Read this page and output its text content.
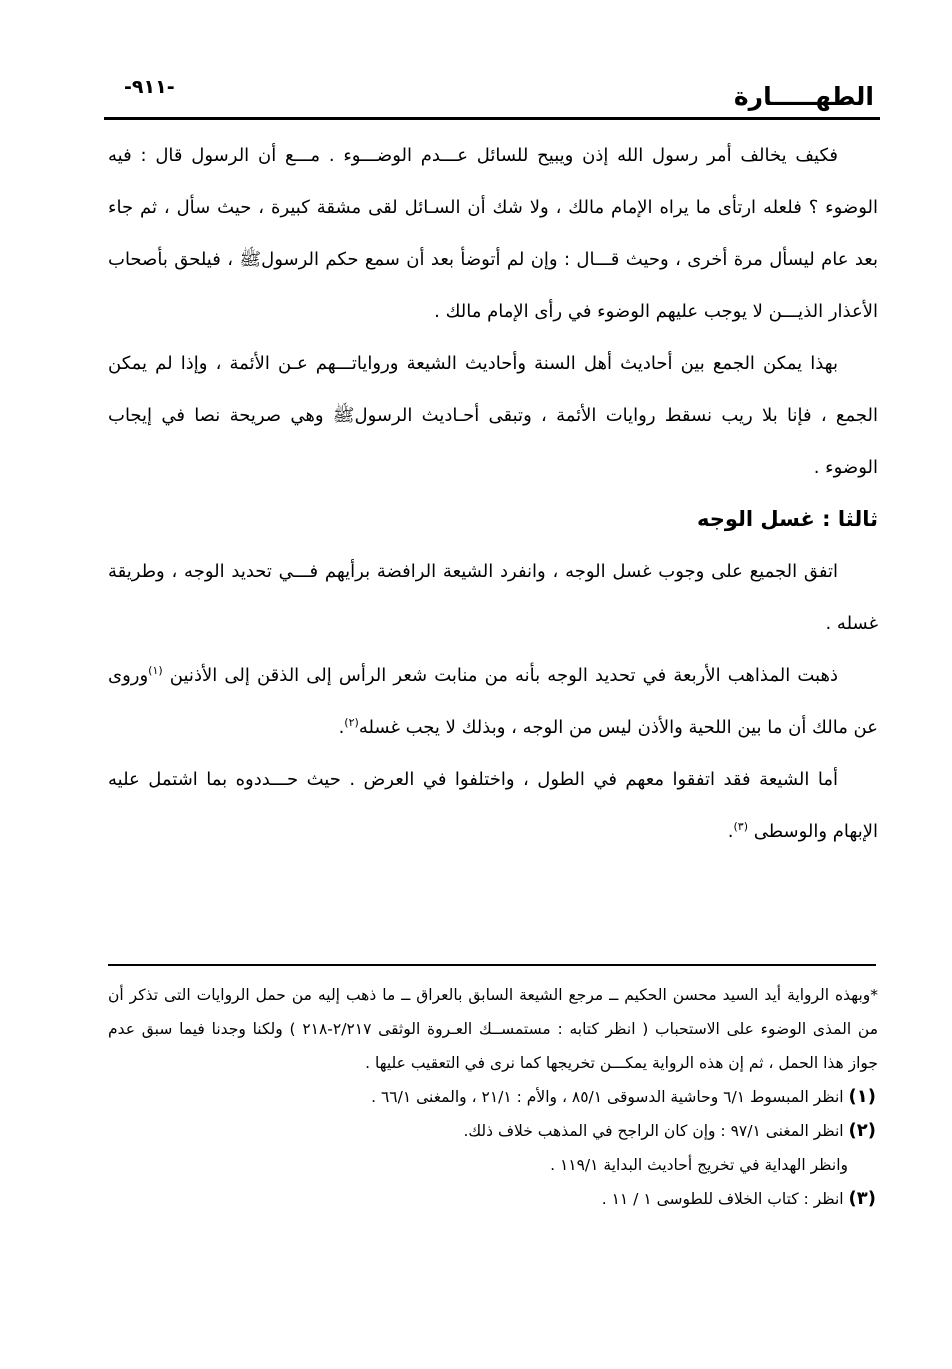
الطهـــــارة
-٩١١-

فكيف يخالف أمر رسول الله إذن ويبيح للسائل عـــدم الوضـــوء . مـــع أن الرسول قال : فيه الوضوء ؟ فلعله ارتأى ما يراه الإمام مالك ، ولا شك أن السـائل لقى مشقة كبيرة ، حيث سأل ، ثم جاء بعد عام ليسأل مرة أخرى ، وحيث قـــال : وإن لم أتوضأ بعد أن سمع حكم الرسولﷺ ، فيلحق بأصحاب الأعذار الذيـــن لا يوجب عليهم الوضوء في رأى الإمام مالك .

بهذا يمكن الجمع بين أحاديث أهل السنة وأحاديث الشيعة ورواياتـــهم عـن الأئمة ، وإذا لم يمكن الجمع ، فإنا بلا ريب نسقط روايات الأئمة ، وتبقى أحـاديث الرسولﷺ وهي صريحة نصا في إيجاب الوضوء .

ثالثا : غسل الوجه

اتفق الجميع على وجوب غسل الوجه ، وانفرد الشيعة الرافضة برأيهم فـــي تحديد الوجه ، وطريقة غسله .

ذهبت المذاهب الأربعة في تحديد الوجه بأنه من منابت شعر الرأس إلى الذقن إلى الأذنين $^{(١)}$وروى عن مالك أن ما بين اللحية والأذن ليس من الوجه ، وبذلك لا يجب غسله$^{(٢)}$.

أما الشيعة فقد اتفقوا معهم في الطول ، واختلفوا في العرض . حيث حـــددوه بما اشتمل عليه الإبهام والوسطى $^{(٣)}$.

*وبهذه الرواية أيد السيد محسن الحكيم ــ مرجع الشيعة السابق بالعراق ــ ما ذهب إليه من حمل الروايات التى تذكر أن من المذى الوضوء على الاستحباب ( انظر كتابه : مستمســك العـروة الوثقى ٢/٢١٧-٢١٨ ) ولكنا وجدنا فيما سبق عدم جواز هذا الحمل ، ثم إن هذه الرواية يمكـــن تخريجها كما نرى في التعقيب عليها .

(١) انظر المبسوط ٦/١ وحاشية الدسوقى ٨٥/١ ، والأم : ٢١/١ ، والمغنى ٦٦/١ .

(٢) انظر المغنى ٩٧/١ : وإن كان الراجح في المذهب خلاف ذلك.

وانظر الهداية في تخريج أحاديث البداية ١١٩/١ .

(٣) انظر : كتاب الخلاف للطوسى ١ / ١١ .
